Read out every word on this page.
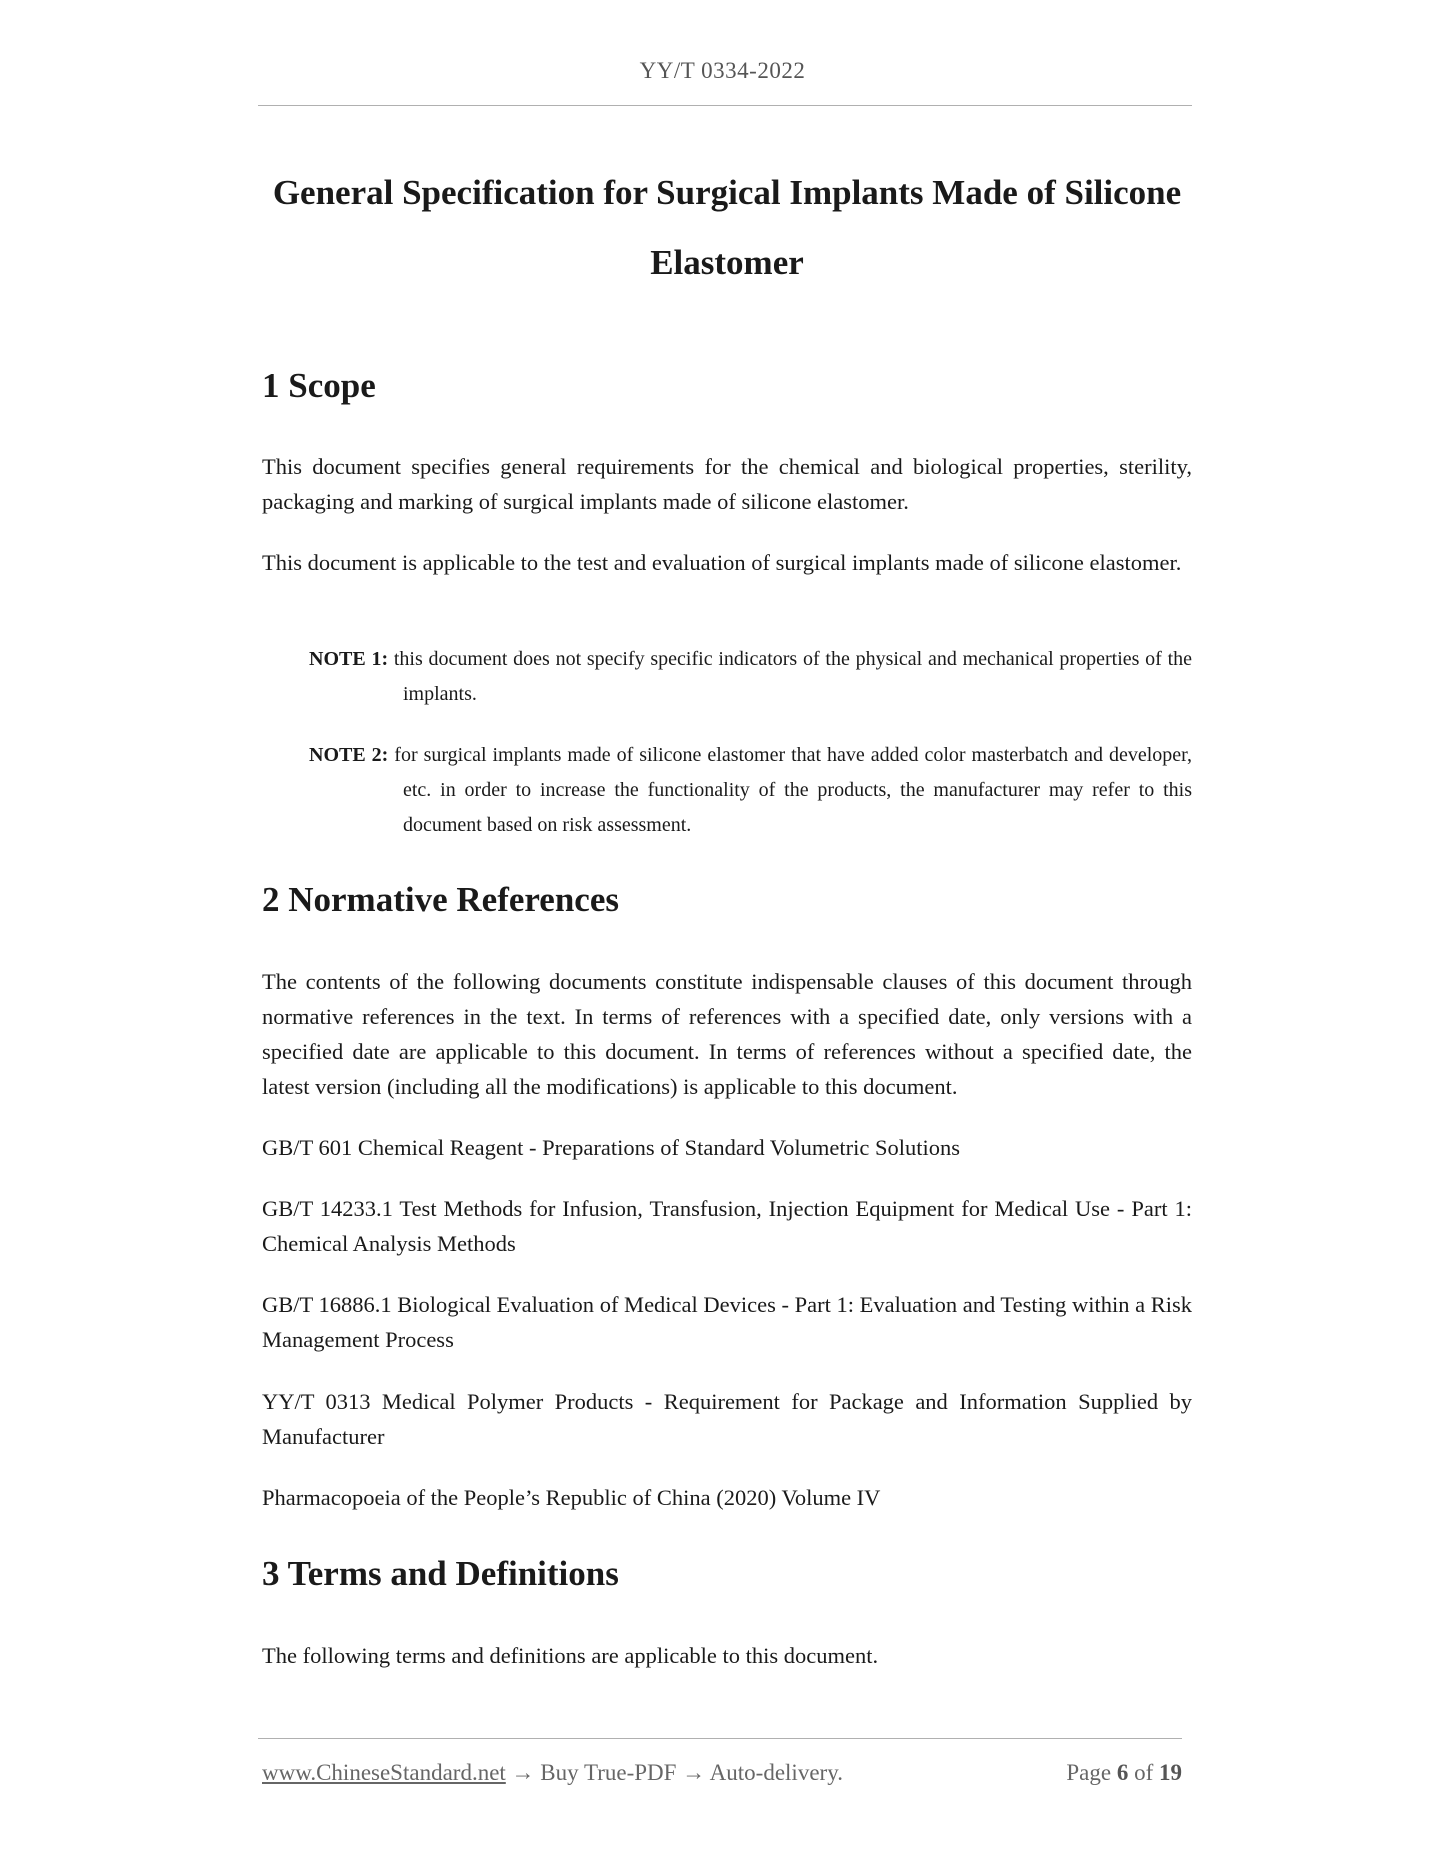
YY/T 0334-2022
General Specification for Surgical Implants Made of Silicone
Elastomer
1 Scope

This document specifies general requirements for the chemical and biological properties, sterility, packaging and marking of surgical implants made of silicone elastomer.

This document is applicable to the test and evaluation of surgical implants made of silicone elastomer.

NOTE 1: this document does not specify specific indicators of the physical and mechanical properties of the implants.

NOTE 2: for surgical implants made of silicone elastomer that have added color masterbatch and developer, etc. in order to increase the functionality of the products, the manufacturer may refer to this document based on risk assessment.

2 Normative References

The contents of the following documents constitute indispensable clauses of this document through normative references in the text. In terms of references with a specified date, only versions with a specified date are applicable to this document. In terms of references without a specified date, the latest version (including all the modifications) is applicable to this document.

GB/T 601 Chemical Reagent - Preparations of Standard Volumetric Solutions

GB/T 14233.1 Test Methods for Infusion, Transfusion, Injection Equipment for Medical Use - Part 1: Chemical Analysis Methods

GB/T 16886.1 Biological Evaluation of Medical Devices - Part 1: Evaluation and Testing within a Risk Management Process

YY/T 0313 Medical Polymer Products - Requirement for Package and Information Supplied by Manufacturer

Pharmacopoeia of the People’s Republic of China (2020) Volume IV

3 Terms and Definitions

The following terms and definitions are applicable to this document.

www.ChineseStandard.net → Buy True-PDF → Auto-delivery.	Page 6 of 19
